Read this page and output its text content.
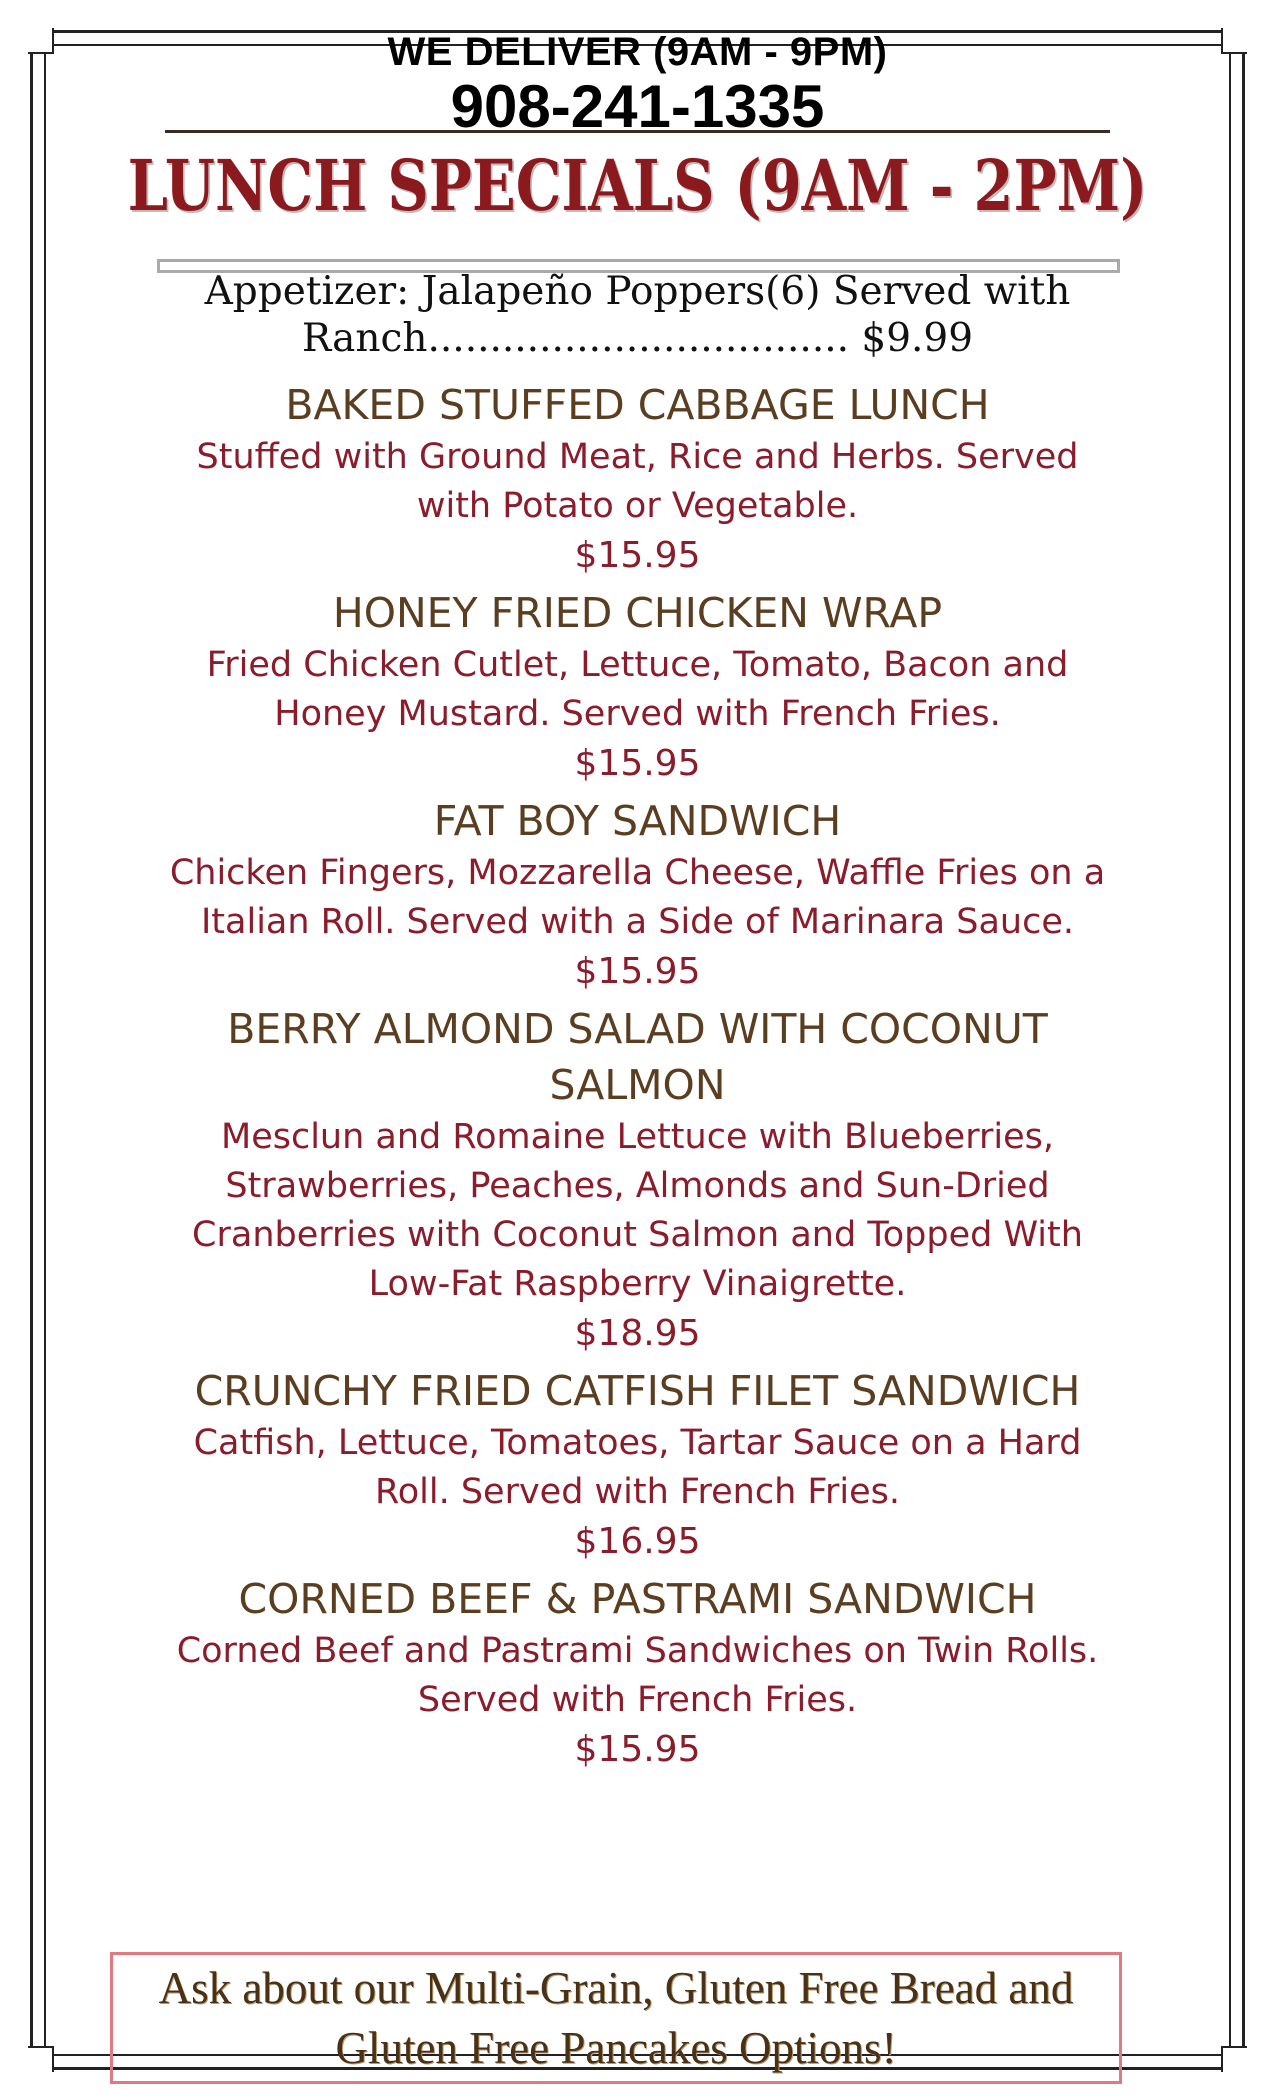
WE DELIVER (9AM - 9PM)
908-241-1335
LUNCH SPECIALS (9AM - 2PM)
Appetizer: Jalapeño Poppers(6) Served with Ranch.................................. $9.99
BAKED STUFFED CABBAGE LUNCH
Stuffed with Ground Meat, Rice and Herbs. Served with Potato or Vegetable.
$15.95
HONEY FRIED CHICKEN WRAP
Fried Chicken Cutlet, Lettuce, Tomato, Bacon and Honey Mustard. Served with French Fries.
$15.95
FAT BOY SANDWICH
Chicken Fingers, Mozzarella Cheese, Waffle Fries on a Italian Roll. Served with a Side of Marinara Sauce.
$15.95
BERRY ALMOND SALAD WITH COCONUT SALMON
Mesclun and Romaine Lettuce with Blueberries, Strawberries, Peaches, Almonds and Sun-Dried Cranberries with Coconut Salmon and Topped With Low-Fat Raspberry Vinaigrette.
$18.95
CRUNCHY FRIED CATFISH FILET SANDWICH
Catfish, Lettuce, Tomatoes, Tartar Sauce on a Hard Roll. Served with French Fries.
$16.95
CORNED BEEF & PASTRAMI SANDWICH
Corned Beef and Pastrami Sandwiches on Twin Rolls. Served with French Fries.
$15.95
Ask about our Multi-Grain, Gluten Free Bread and Gluten Free Pancakes Options!
